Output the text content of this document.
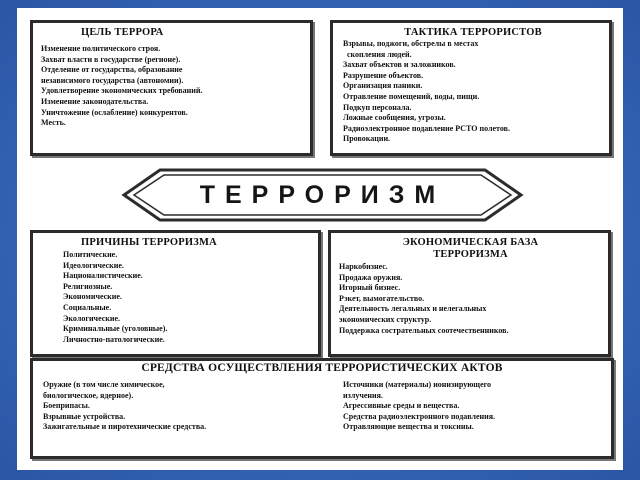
ЦЕЛЬ ТЕРРОРА
Изменение политического строя.
Захват власти в государстве (регионе).
Отделение от государства, образование
независимого государства (автономии).
Удовлетворение экономических требований.
Изменение законодательства.
Уничтожение (ослабление) конкурентов.
Месть.
ТАКТИКА ТЕРРОРИСТОВ
Взрывы, поджоги, обстрелы в местах
скопления людей.
Захват объектов и заложников.
Разрушение объектов.
Организация паники.
Отравление помещений, воды, пищи.
Подкуп персонала.
Ложные сообщения, угрозы.
Радиоэлектронное подавление РСТО полетов.
Провокации.
ТЕРРОРИЗМ
ПРИЧИНЫ ТЕРРОРИЗМА
Политические.
Идеологические.
Националистические.
Религиозные.
Экономические.
Социальные.
Экологические.
Криминальные (уголовные).
Личностно-патологические.
ЭКОНОМИЧЕСКАЯ БАЗА
ТЕРРОРИЗМА
Наркобизнес.
Продажа оружия.
Игорный бизнес.
Рэкет, вымогательство.
Деятельность легальных и нелегальных
экономических структур.
Поддержка сострательных соотечественников.
СРЕДСТВА ОСУЩЕСТВЛЕНИЯ ТЕРРОРИСТИЧЕСКИХ АКТОВ
Оружие (в том числе химическое,
биологическое, ядерное).
Боеприпасы.
Взрывные устройства.
Зажигательные и пиротехнические средства.
Источники (материалы) ионизирующего
излучения.
Агрессивные среды и вещества.
Средства радиоэлектронного подавления.
Отравляющие вещества и токсины.
